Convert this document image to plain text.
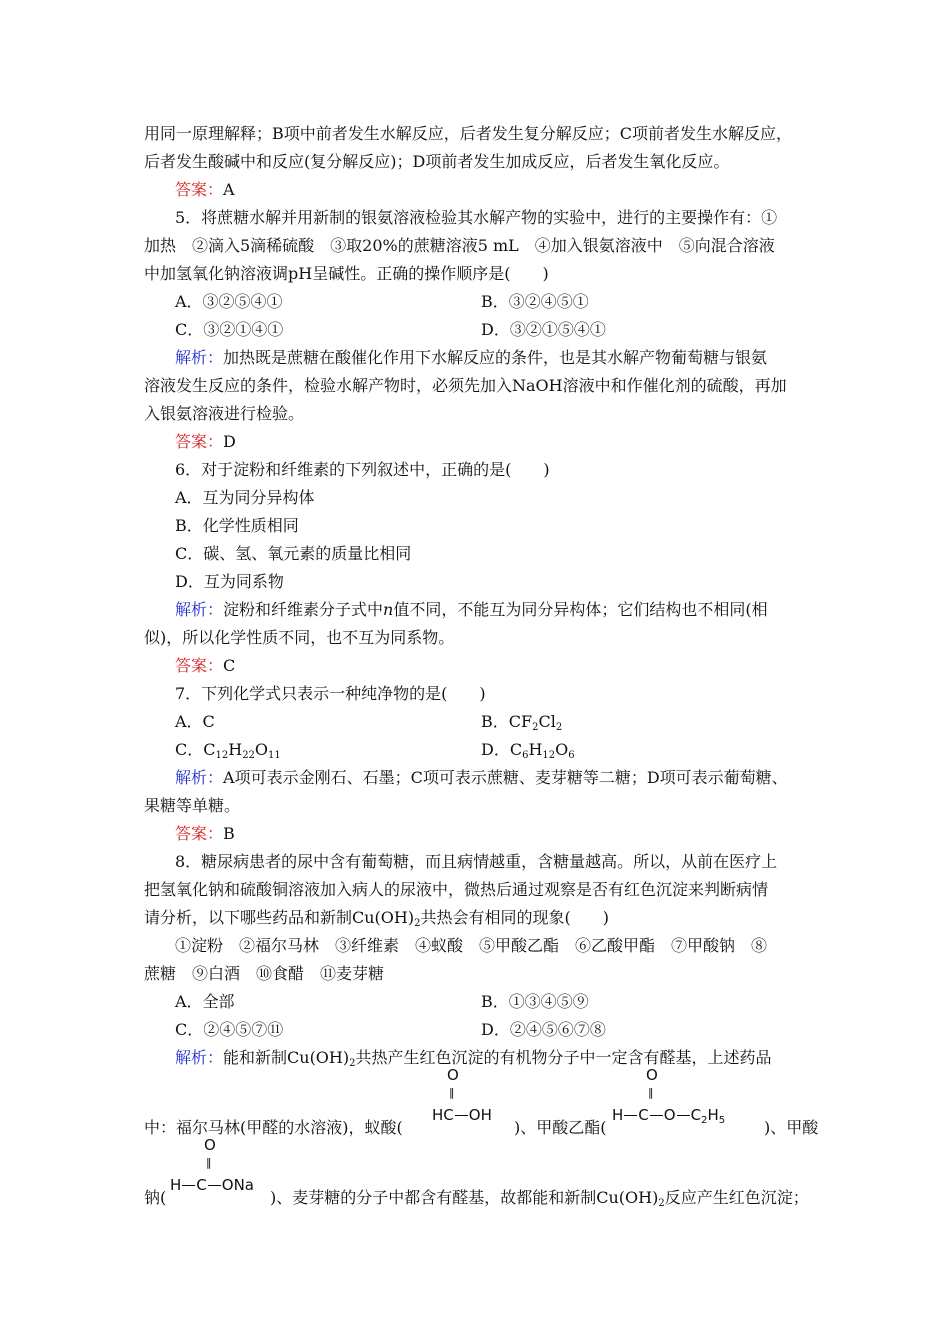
用同一原理解释；B项中前者发生水解反应，后者发生复分解反应；C项前者发生水解反应，
后者发生酸碱中和反应(复分解反应)；D项前者发生加成反应，后者发生氧化反应。
答案：A
5．将蔗糖水解并用新制的银氨溶液检验其水解产物的实验中，进行的主要操作有：①
加热　②滴入5滴稀硫酸　③取20%的蔗糖溶液5 mL　④加入银氨溶液中　⑤向混合溶液
中加氢氧化钠溶液调pH呈碱性。正确的操作顺序是(　　)
A．③②⑤④①	B．③②④⑤①
C．③②①④①	D．③②①⑤④①
解析：加热既是蔗糖在酸催化作用下水解反应的条件，也是其水解产物葡萄糖与银氨
溶液发生反应的条件，检验水解产物时，必须先加入NaOH溶液中和作催化剂的硫酸，再加
入银氨溶液进行检验。
答案：D
6．对于淀粉和纤维素的下列叙述中，正确的是(　　)
A．互为同分异构体
B．化学性质相同
C．碳、氢、氧元素的质量比相同
D．互为同系物
解析：淀粉和纤维素分子式中n值不同，不能互为同分异构体；它们结构也不相同(相
似)，所以化学性质不同，也不互为同系物。
答案：C
7．下列化学式只表示一种纯净物的是(　　)
A．C	B．$CF_2Cl_2$
C．$C_{12}H_{22}O_{11}$	D．$C_6H_{12}O_6$
解析：A项可表示金刚石、石墨；C项可表示蔗糖、麦芽糖等二糖；D项可表示葡萄糖、
果糖等单糖。
答案：B
8．糖尿病患者的尿中含有葡萄糖，而且病情越重，含糖量越高。所以，从前在医疗上
把氢氧化钠和硫酸铜溶液加入病人的尿液中，微热后通过观察是否有红色沉淀来判断病情
请分析，以下哪些药品和新制$Cu(OH)_2$共热会有相同的现象(　　)
①淀粉　②福尔马林　③纤维素　④蚁酸　⑤甲酸乙酯　⑥乙酸甲酯　⑦甲酸钠　⑧
蔗糖　⑨白酒　⑩食醋　⑪麦芽糖
A．全部	B．①③④⑤⑨
C．②④⑤⑦⑪	D．②④⑤⑥⑦⑧
解析：能和新制$Cu(OH)_2$共热产生红色沉淀的有机物分子中一定含有醛基，上述药品
中：福尔马林(甲醛的水溶液)，蚁酸(
O
‖
HC OH
)、甲酸乙酯(
O
‖
H C O $C_2H_5$ )、甲酸
钠(
O
‖
H C ONa
)、麦芽糖的分子中都含有醛基，故都能和新制$Cu(OH)_2$反应产生红色沉淀；
